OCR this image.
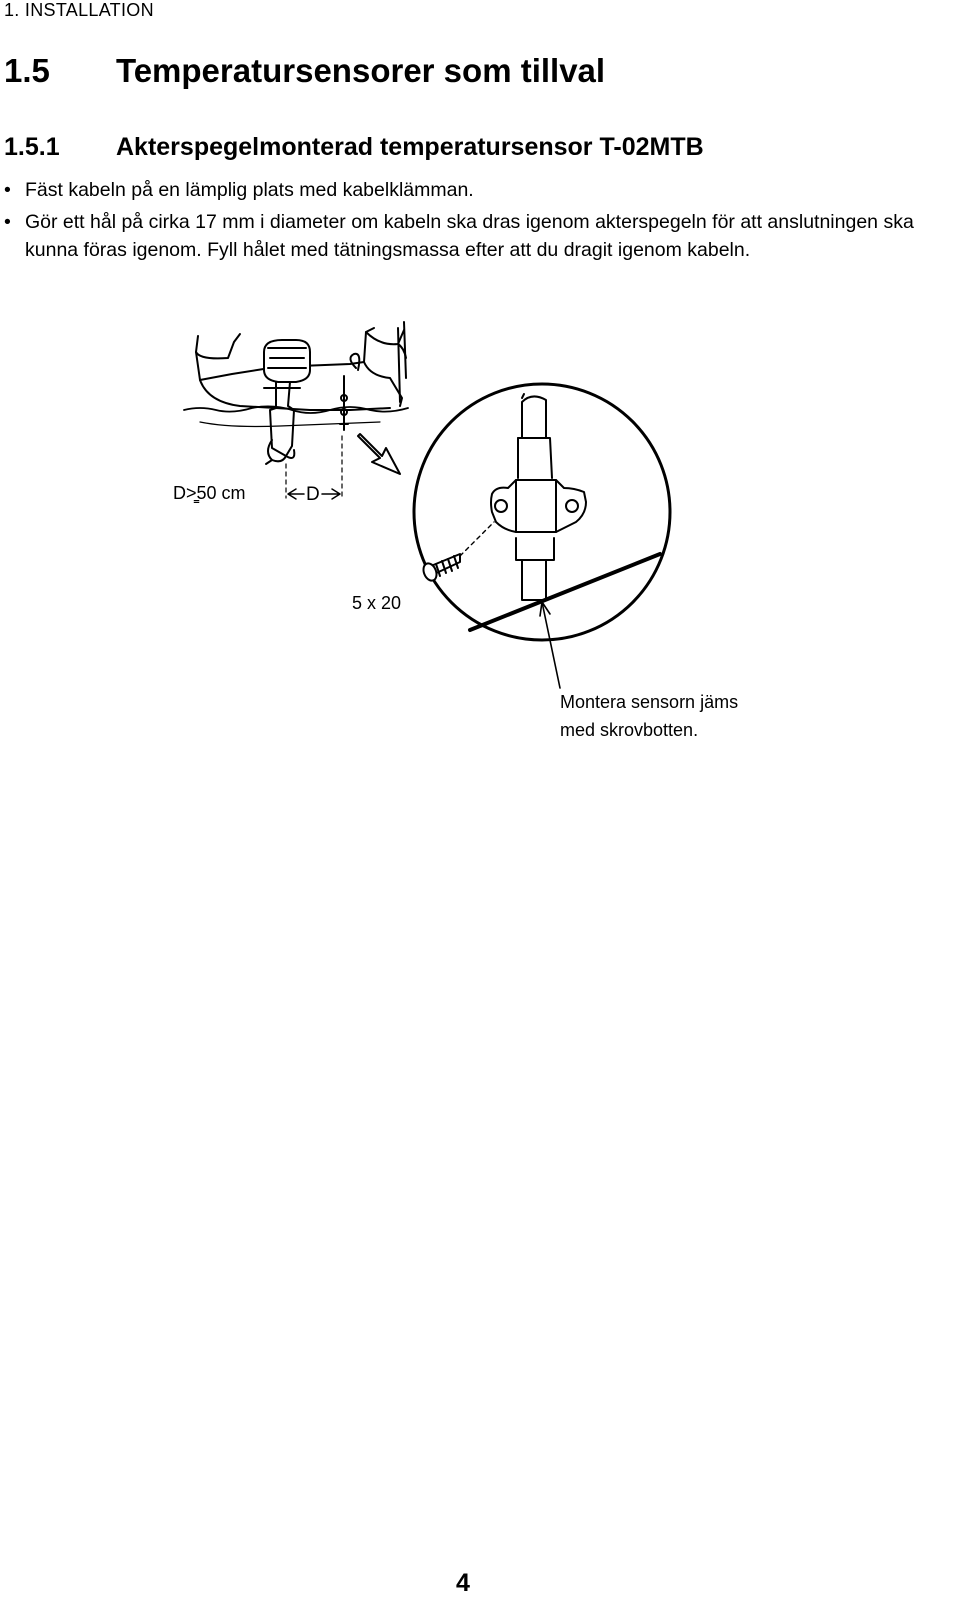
1. INSTALLATION
1.5 Temperatursensorer som tillval
1.5.1 Akterspegelmonterad temperatursensor T-02MTB
• Fäst kabeln på en lämplig plats med kabelklämman.
• Gör ett hål på cirka 17 mm i diameter om kabeln ska dras igenom akterspegeln för att anslutningen ska kunna föras igenom. Fyll hålet med tätningsmassa efter att du dragit igenom kabeln.
D>̳50 cm	D
5 x 20
Montera sensorn jäms
med skrovbotten.
4
